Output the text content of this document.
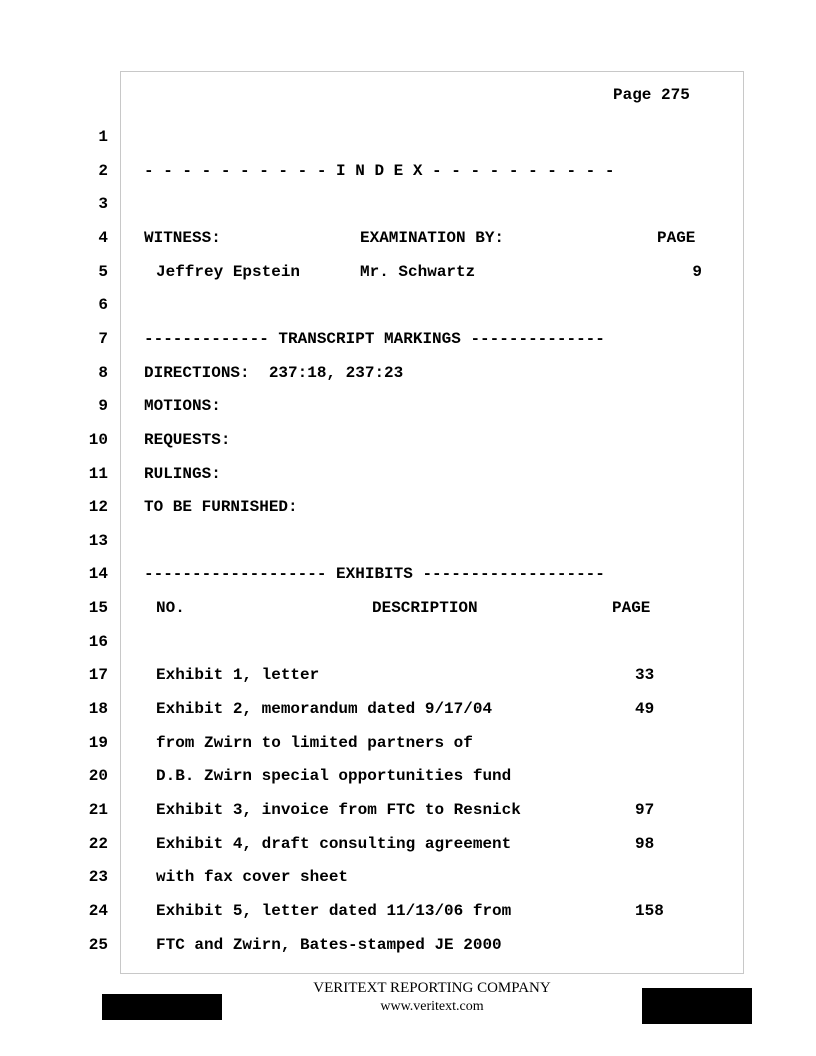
Page 275
1
2 - - - - - - - - - - I N D E X - - - - - - - - - -
3
4 WITNESS:	EXAMINATION BY:	PAGE
5	Jeffrey Epstein	Mr. Schwartz	9
6
7 ------------- TRANSCRIPT MARKINGS --------------
8 DIRECTIONS:  237:18, 237:23
9 MOTIONS:
10 REQUESTS:
11 RULINGS:
12 TO BE FURNISHED:
13
14 ------------------- EXHIBITS -------------------
15	NO.	DESCRIPTION	PAGE
16
17	Exhibit 1, letter	33
18	Exhibit 2, memorandum dated 9/17/04	49
19	from Zwirn to limited partners of
20	D.B. Zwirn special opportunities fund
21	Exhibit 3, invoice from FTC to Resnick	97
22	Exhibit 4, draft consulting agreement	98
23	with fax cover sheet
24	Exhibit 5, letter dated 11/13/06 from	158
25	FTC and Zwirn, Bates-stamped JE 2000
VERITEXT REPORTING COMPANY
www.veritext.com
